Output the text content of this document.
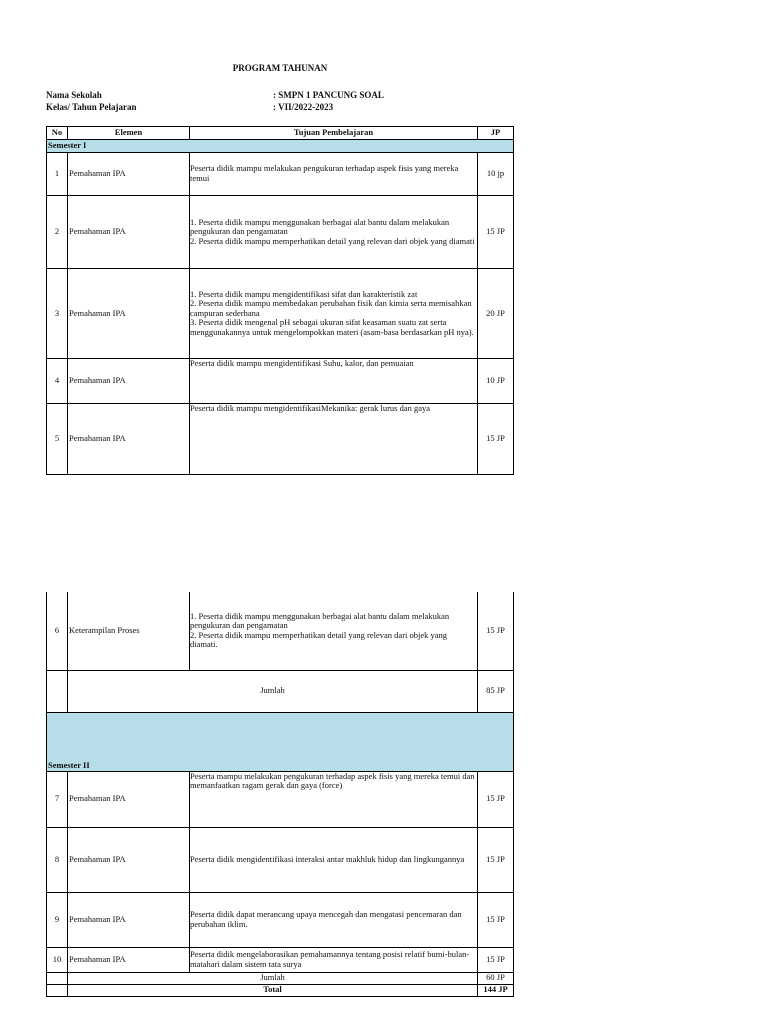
PROGRAM TAHUNAN
Nama Sekolah	: SMPN 1 PANCUNG SOAL
Kelas/ Tahun Pelajaran	: VII/2022-2023
No	Elemen	Tujuan Pembelajaran	JP
Semester I			
1	Pemahaman IPA	Peserta didik mampu melakukan pengukuran terhadap aspek fisis yang mereka temui	10 jp
2	Pemahaman IPA	1. Peserta didik mampu menggunakan berbagai alat bantu dalam melakukan pengukuran dan pengamatan
2. Peserta didik mampu memperhatikan detail yang relevan dari objek yang diamati	15 JP
3	Pemahaman IPA	1. Peserta didik mampu mengidentifikasi sifat dan karakteristik zat
2. Peserta didik mampu membedakan perubahan fisik dan kimia serta memisahkan campuran sederhana
3. Peserta didik mengenal pH sebagai ukuran sifat keasaman suatu zat serta menggunakannya untuk mengelompokkan materi (asam-basa berdasarkan pH nya).	20 JP
4	Pemahaman IPA	Peserta didik mampu mengidentifikasi Suhu, kalor, dan pemuaian	10 JP
5	Pemahaman IPA	Peserta didik mampu mengidentifikasiMekanika: gerak lurus dan gaya	15 JP
6	Keterampilan Proses	1. Peserta didik mampu menggunakan berbagai alat bantu dalam melakukan pengukuran dan pengamatan
2. Peserta didik mampu memperhatikan detail yang relevan dari objek yang diamati.	15 JP
	Jumlah		85 JP
Semester II			
7	Pemahaman IPA	Peserta mampu melakukan pengukuran terhadap aspek fisis yang mereka temui dan memanfaatkan ragam gerak dan gaya (force)	15 JP
8	Pemahaman IPA	Peserta didik mengidentifikasi interaksi antar makhluk hidup dan lingkungannya	15 JP
9	Pemahaman IPA	Peserta didik dapat merancang upaya mencegah dan mengatasi pencemaran dan perubahan iklim.	15 JP
10	Pemahaman IPA	Peserta didik mengelaborasikan pemahamannya tentang posisi relatif bumi-bulan-matahari dalam sistem tata surya	15 JP
	Jumlah		60 JP
	Total		144 JP
